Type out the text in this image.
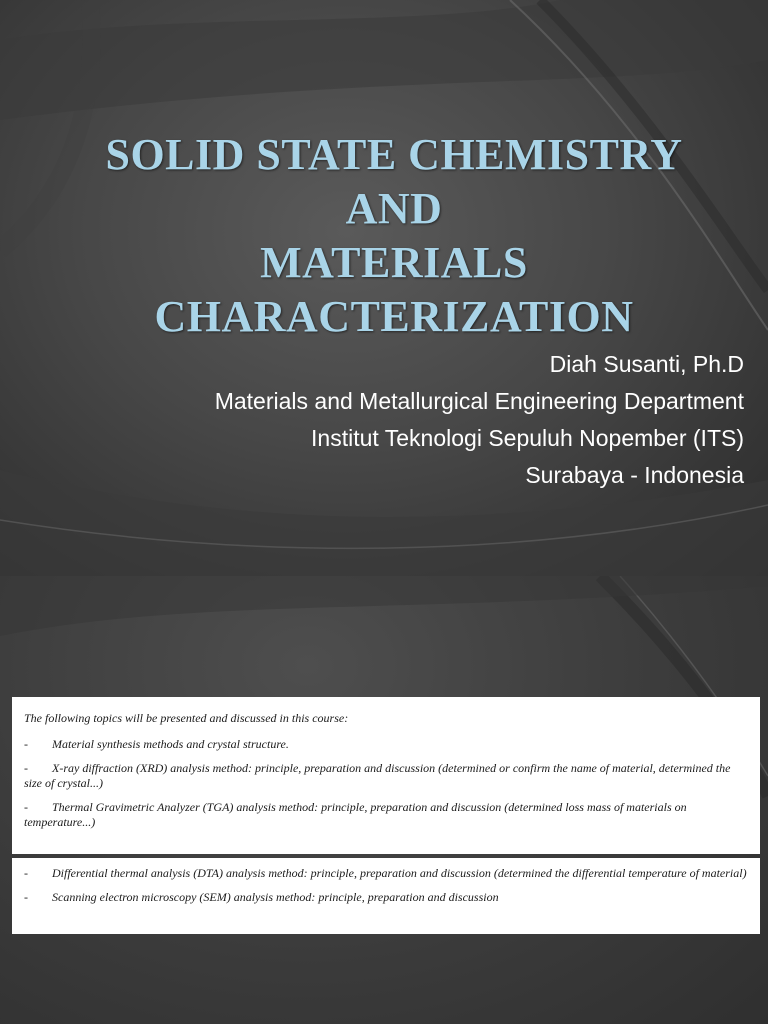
SOLID STATE CHEMISTRY
AND
MATERIALS
CHARACTERIZATION
Diah Susanti, Ph.D
Materials and Metallurgical Engineering Department
Institut Teknologi Sepuluh Nopember (ITS)
Surabaya - Indonesia

The following topics will be presented and discussed in this course:

- Material synthesis methods and crystal structure.

- X-ray diffraction (XRD) analysis method: principle, preparation and discussion (determined or confirm the name of material, determined the size of crystal...)

- Thermal Gravimetric Analyzer (TGA) analysis method: principle, preparation and discussion (determined loss mass of materials on temperature...)

- Differential thermal analysis (DTA) analysis method: principle, preparation and discussion (determined the differential temperature of material)

- Scanning electron microscopy (SEM) analysis method: principle, preparation and discussion
